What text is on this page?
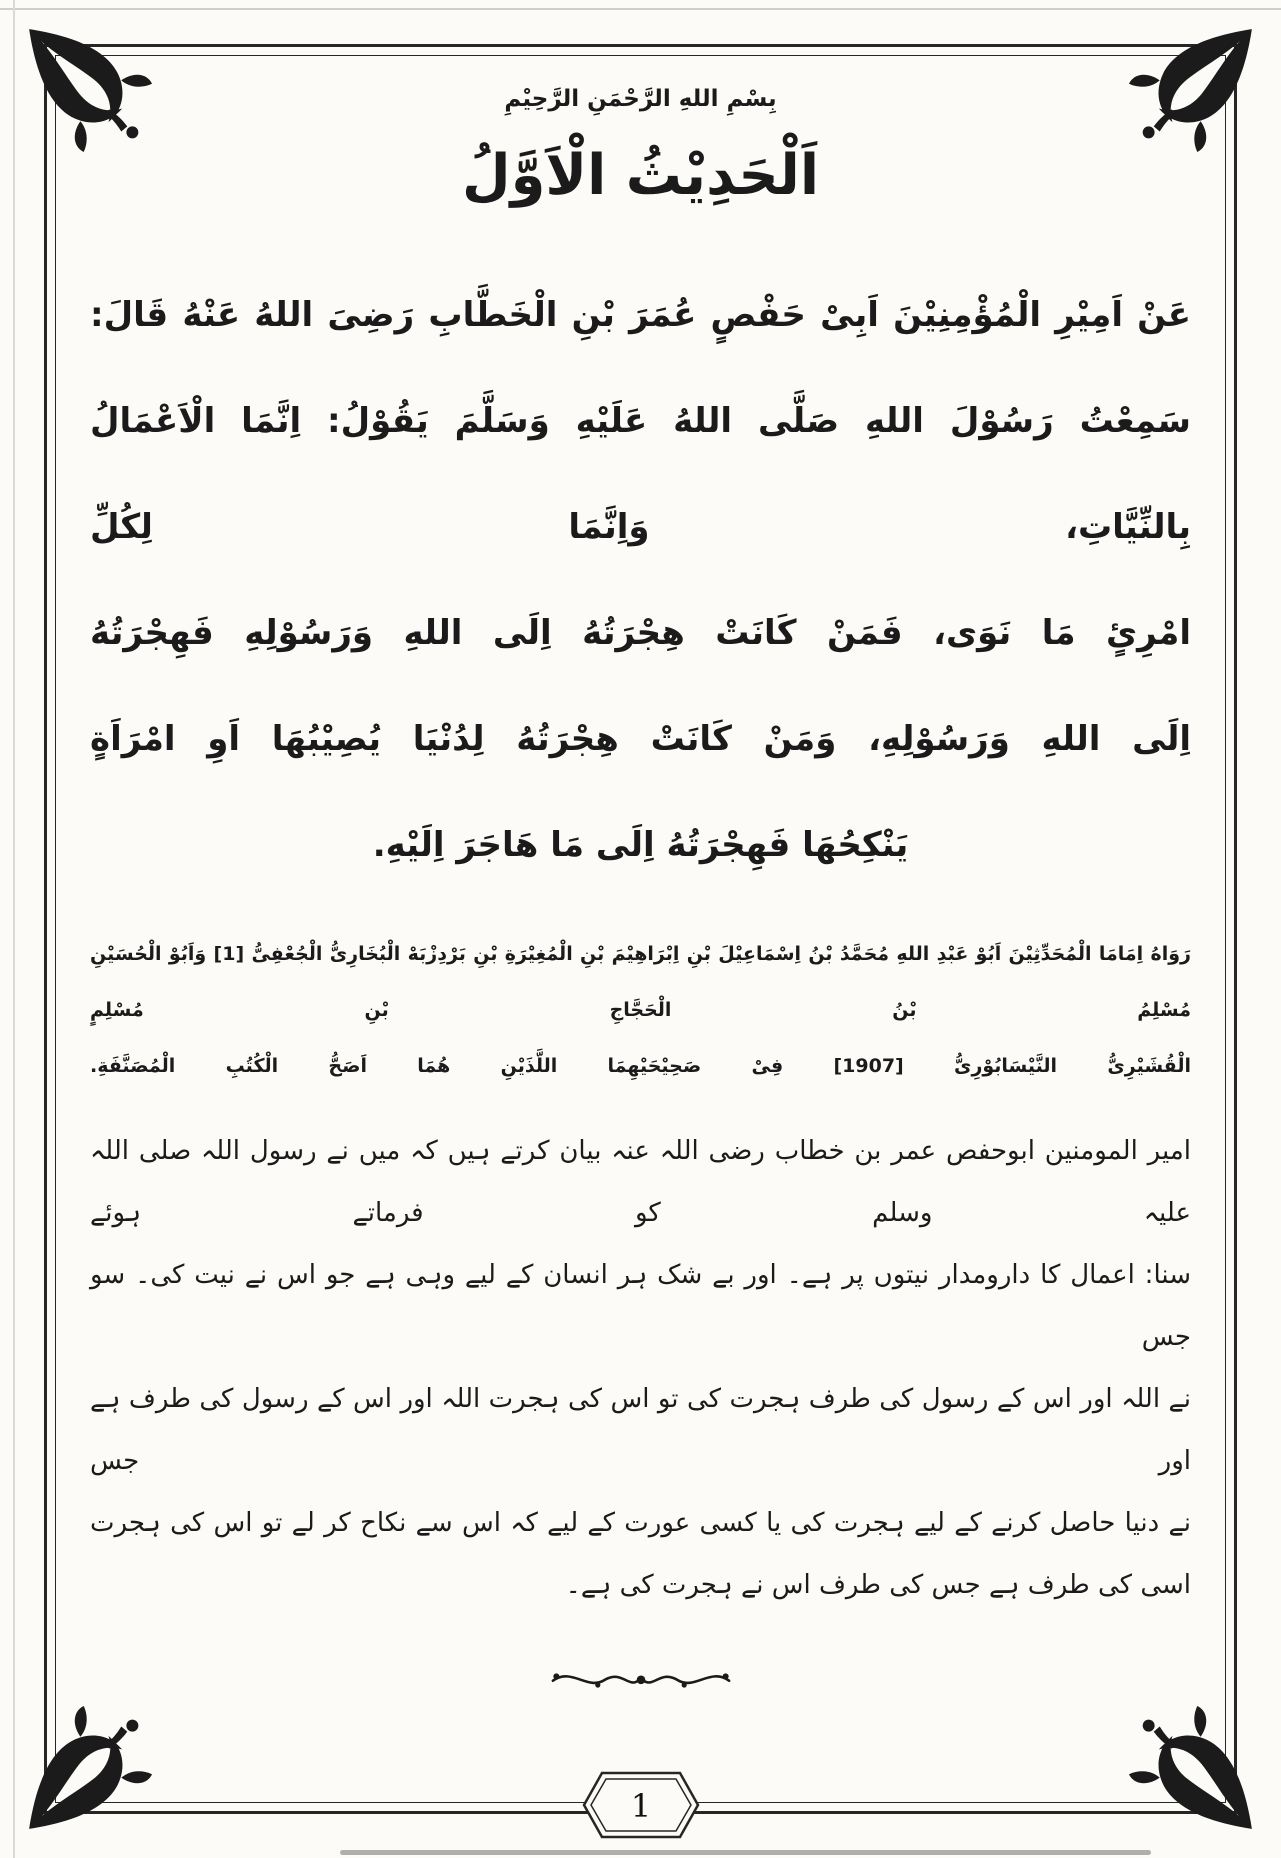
بِسْمِ اللهِ الرَّحْمَنِ الرَّحِيْمِ
اَلْحَدِيْثُ الْاَوَّلُ
عَنْ اَمِيْرِ الْمُؤْمِنِيْنَ اَبِىْ حَفْصٍ عُمَرَ بْنِ الْخَطَّابِ رَضِىَ اللهُ عَنْهُ قَالَ:
سَمِعْتُ رَسُوْلَ اللهِ صَلَّى اللهُ عَلَيْهِ وَسَلَّمَ يَقُوْلُ: اِنَّمَا الْاَعْمَالُ بِالنِّيَّاتِ، وَاِنَّمَا لِكُلِّ
امْرِئٍ مَا نَوَى، فَمَنْ كَانَتْ هِجْرَتُهُ اِلَى اللهِ وَرَسُوْلِهِ فَهِجْرَتُهُ
اِلَى اللهِ وَرَسُوْلِهِ، وَمَنْ كَانَتْ هِجْرَتُهُ لِدُنْيَا يُصِيْبُهَا اَوِ امْرَاَةٍ
يَنْكِحُهَا فَهِجْرَتُهُ اِلَى مَا هَاجَرَ اِلَيْهِ.
رَوَاهُ اِمَامَا الْمُحَدِّثِيْنَ اَبُوْ عَبْدِ اللهِ مُحَمَّدُ بْنُ اِسْمَاعِيْلَ بْنِ اِبْرَاهِيْمَ بْنِ الْمُغِيْرَةِ بْنِ بَرْدِزْبَهْ الْبُخَارِىُّ الْجُعْفِىُّ [1] وَاَبُوْ الْحُسَيْنِ مُسْلِمُ بْنُ الْحَجَّاجِ بْنِ مُسْلِمٍ
الْقُشَيْرِىُّ النَّيْسَابُوْرِىُّ [1907] فِىْ صَحِيْحَيْهِمَا اللَّذَيْنِ هُمَا اَصَحُّ الْكُتُبِ الْمُصَنَّفَةِ.
امیر المومنین ابوحفص عمر بن خطاب رضی اللہ عنہ بیان کرتے ہیں کہ میں نے رسول اللہ صلی اللہ علیہ وسلم کو فرماتے ہوئے
سنا: اعمال کا دارومدار نیتوں پر ہے۔ اور بے شک ہر انسان کے لیے وہی ہے جو اس نے نیت کی۔ سو جس
نے اللہ اور اس کے رسول کی طرف ہجرت کی تو اس کی ہجرت اللہ اور اس کے رسول کی طرف ہے اور جس
نے دنیا حاصل کرنے کے لیے ہجرت کی یا کسی عورت کے لیے کہ اس سے نکاح کر لے تو اس کی ہجرت
اسی کی طرف ہے جس کی طرف اس نے ہجرت کی ہے۔
1
